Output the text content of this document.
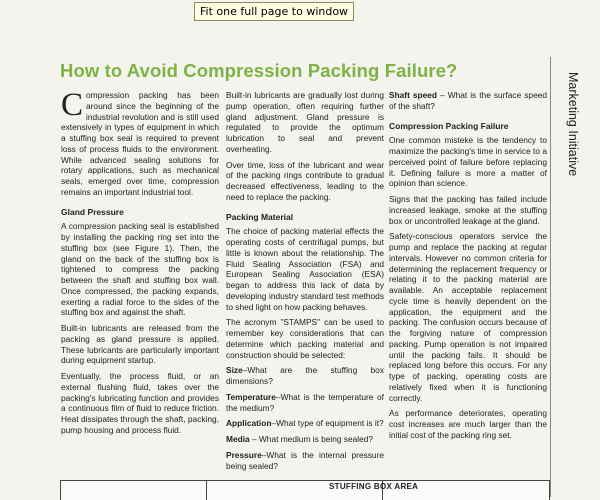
Fit one full page to window
How to Avoid Compression Packing Failure?
Marketing Initiative

Compression packing has been around since the beginning of the industrial revolution and is still used extensively in types of equipment in which a stuffing box seal is required to prevent loss of process fluids to the environment. While advanced sealing solutions for rotary applications, such as mechanical seals, emerged over time, compression remains an important industrial tool.

Gland Pressure

A compression packing seal is established by installing the packing ring set into the stuffing box (see Figure 1). Then, the gland on the back of the stuffing box is tightened to compress the packing between the shaft and stuffing box wall. Once compressed, the packing expands, exerting a radial force to the sides of the stuffing box and against the shaft.

Built-in lubricants are released from the packing as gland pressure is applied. These lubricants are particularly important during equipment startup.

Eventually, the process fluid, or an external flushing fluid, takes over the packing's lubricating function and provides a continuous film of fluid to reduce friction. Heat dissipates through the shaft, packing, pump housing and process fluid.

Built-in lubricants are gradually lost during pump operation, often requiring further gland adjustment. Gland pressure is regulated to provide the optimum lubrication to seal and prevent overheating.

Over time, loss of the lubricant and wear of the packing rings contribute to gradual decreased effectiveness, leading to the need to replace the packing.

Packing Material

The choice of packing material effects the operating costs of centrifugal pumps, but little is known about the relationship. The Fluid Sealing Association (FSA) and European Sealing Association (ESA) began to address this lack of data by developing industry standard test methods to shed light on how packing behaves.

The acronym "STAMPS" can be used to remember key considerations that can determine which packing material and construction should be selected:

Size–What are the stuffing box dimensions?

Temperature–What is the temperature of the medium?

Application–What type of equipment is it?

Media – What medium is being sealed?

Pressure–What is the internal pressure being sealed?

Shaft speed – What is the surface speed of the shaft?

Compression Packing Failure

One common misteke is the tendency to maximize the packing's time in service to a perceived point of failure before replacing it. Defining failure is more a matter of opinion than science.

Signs that the packing has failed include increased leakage, smoke at the stuffing box or uncontrolled leakage at the gland.

Safety-conscious operators service the pump and replace the packing at regular intervals. However no common criteria for determining the replacement frequency or relating it to the packing material are available. An acceptable replacement cycle time is heavily dependent on the application, the equipment and the packing. The confusion occurs because of the forgiving nature of compression packing. Pump operation is not impaired until the packing fails. It should be replaced long before this occurs. For any type of packing, operating costs are relatively fixed when it is functioning correctly.

As performance deteriorates, operating cost increases are much larger than the initial cost of the packing ring set.

STUFFING BOX AREA
